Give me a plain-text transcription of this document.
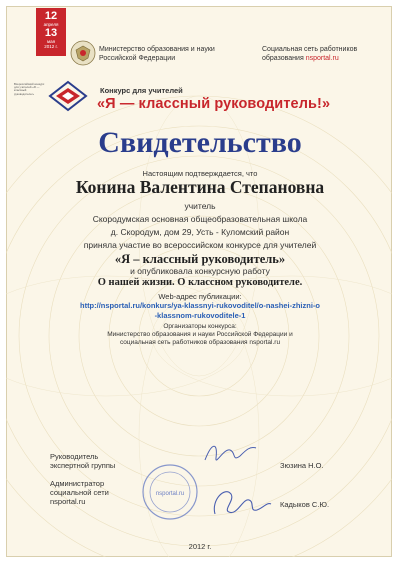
12
апреля
13
мая
2012 г.	Министерство образования и науки Российской Федерации
Социальная сеть работников
образования nsportal.ru
Всероссийский конкурс для учителей «Я — классный руководитель!»	Конкурс для учителей
«Я — классный руководитель!»
Свидетельство
Настоящим подтверждается, что
Конина Валентина Степановна
учитель
Скородумская основная общеобразовательная школа
д. Скородум, дом 29, Усть - Куломский район
приняла участие во всероссийском конкурсе для учителей
«Я – классный руководитель»
и опубликовала конкурсную работу
О нашей жизни. О классном руководителе.
Web-адрес публикации:
http://nsportal.ru/konkurs/ya-klassnyi-rukovoditel/o-nashei-zhizni-o
-klassnom-rukovoditele-1
Организаторы конкурса:
Министерство образования и науки Российской Федерации и
социальная сеть работников образования nsportal.ru
Руководитель
экспертной группы	Зюзина Н.О.
Администратор
социальной сети
nsportal.ru	Кадыков С.Ю.
nsportal.ru
2012 г.
